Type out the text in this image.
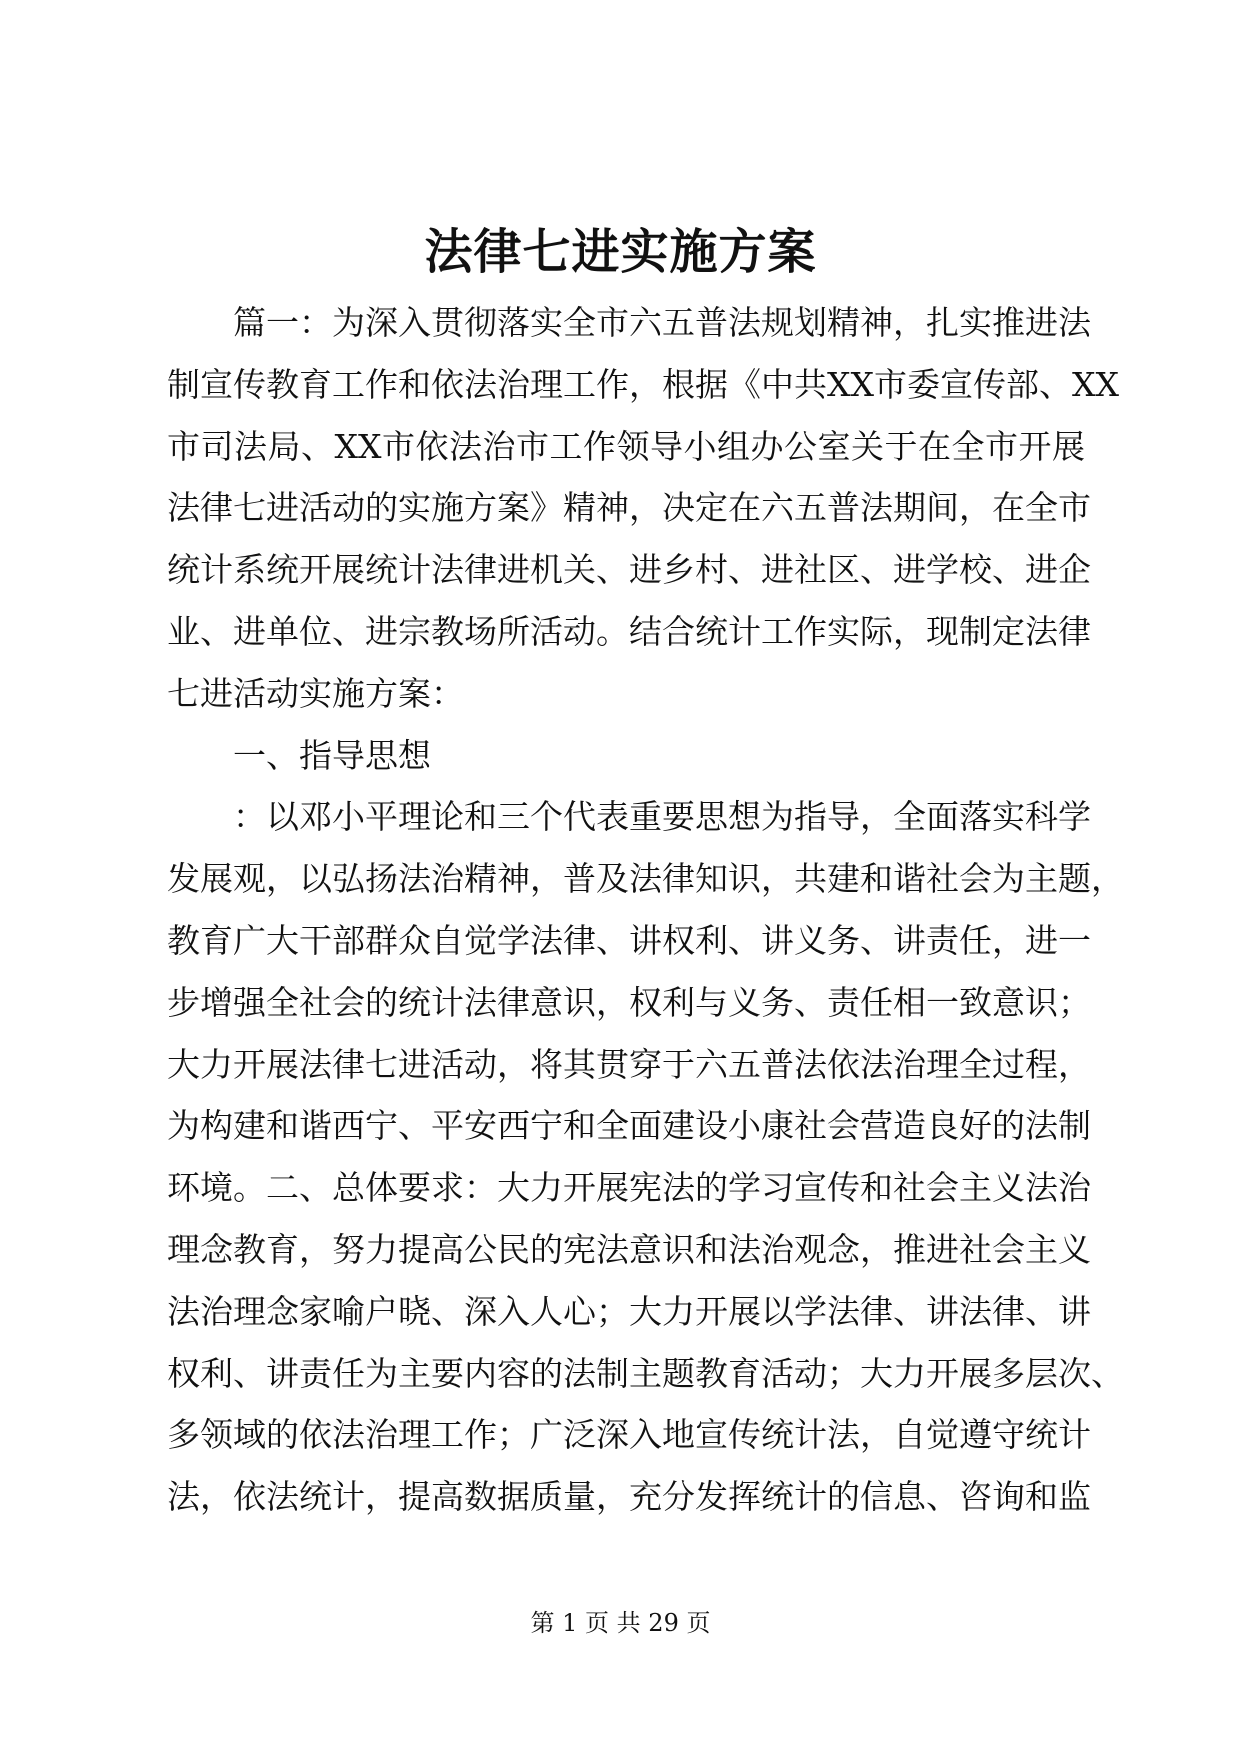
法律七进实施方案
篇一：为深入贯彻落实全市六五普法规划精神，扎实推进法
制宣传教育工作和依法治理工作，根据《中共XX市委宣传部、XX
市司法局、XX市依法治市工作领导小组办公室关于在全市开展
法律七进活动的实施方案》精神，决定在六五普法期间，在全市
统计系统开展统计法律进机关、进乡村、进社区、进学校、进企
业、进单位、进宗教场所活动。结合统计工作实际，现制定法律
七进活动实施方案：
一、指导思想
：以邓小平理论和三个代表重要思想为指导，全面落实科学
发展观，以弘扬法治精神，普及法律知识，共建和谐社会为主题，
教育广大干部群众自觉学法律、讲权利、讲义务、讲责任，进一
步增强全社会的统计法律意识，权利与义务、责任相一致意识；
大力开展法律七进活动，将其贯穿于六五普法依法治理全过程，
为构建和谐西宁、平安西宁和全面建设小康社会营造良好的法制
环境。二、总体要求：大力开展宪法的学习宣传和社会主义法治
理念教育，努力提高公民的宪法意识和法治观念，推进社会主义
法治理念家喻户晓、深入人心；大力开展以学法律、讲法律、讲
权利、讲责任为主要内容的法制主题教育活动；大力开展多层次、
多领域的依法治理工作；广泛深入地宣传统计法，自觉遵守统计
法，依法统计，提高数据质量，充分发挥统计的信息、咨询和监
第 1 页 共 29 页
